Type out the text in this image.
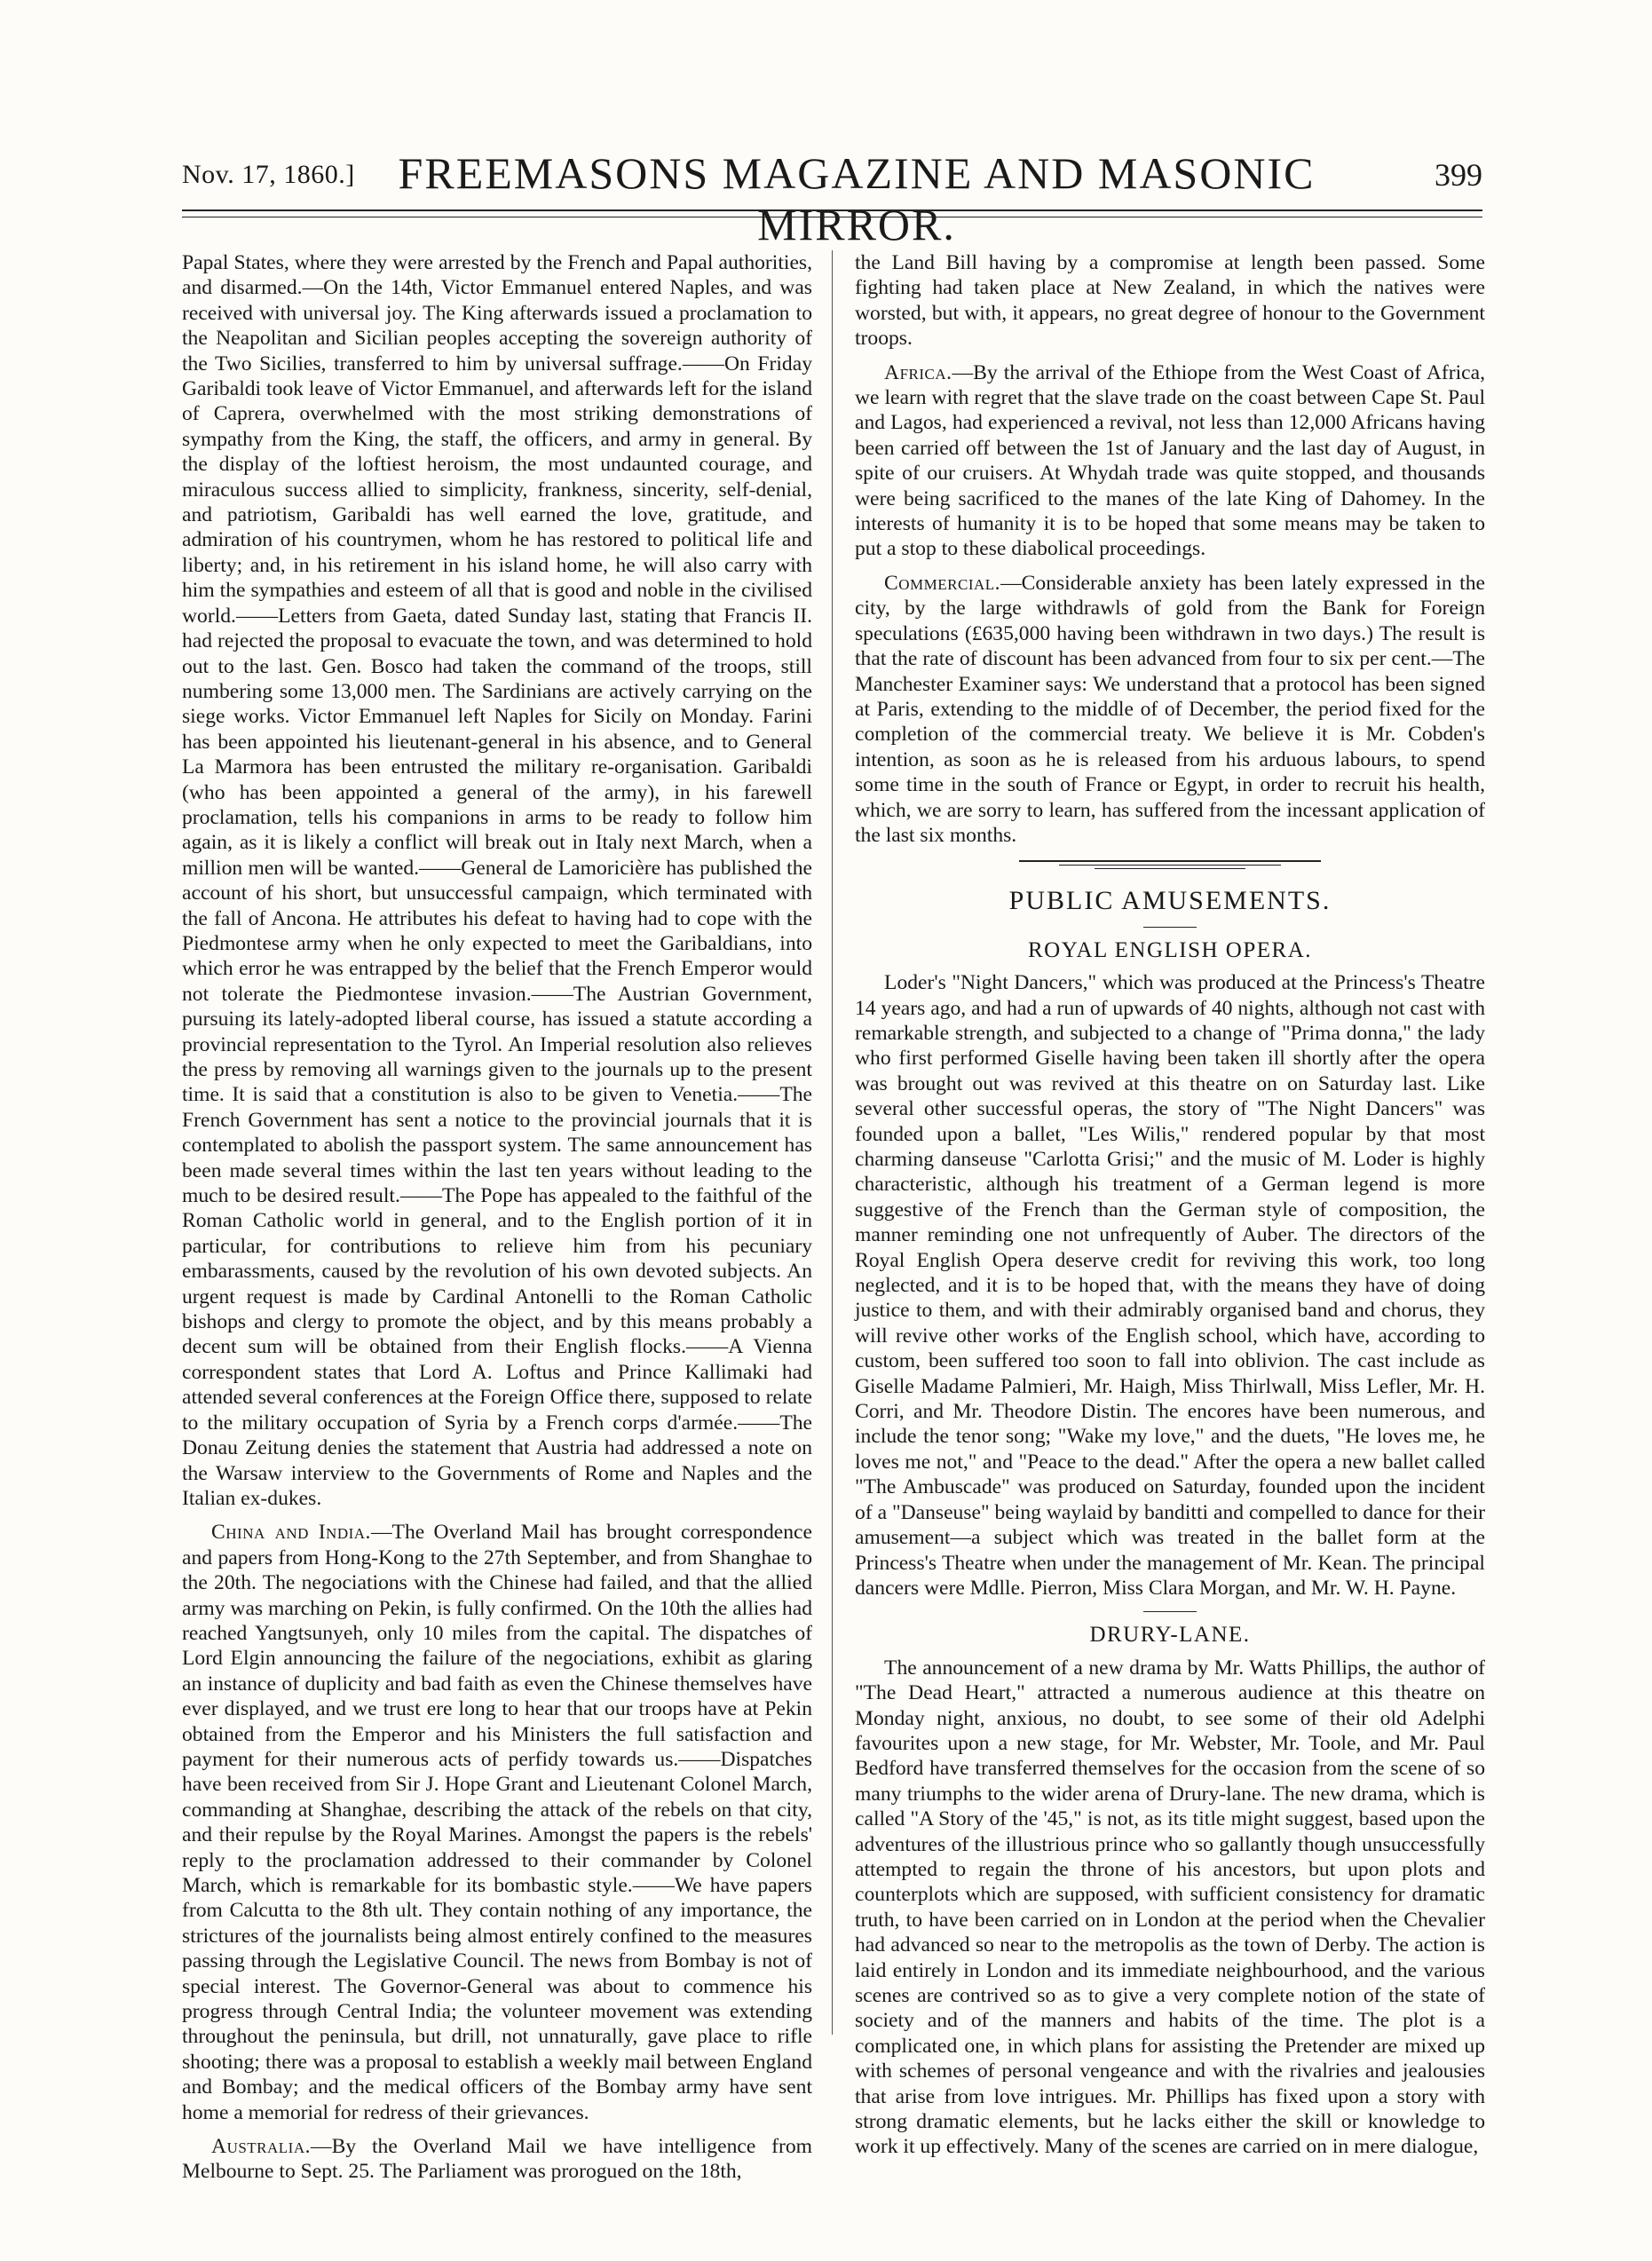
Nov. 17, 1860.] FREEMASONS MAGAZINE AND MASONIC MIRROR.
399

Papal States, where they were arrested by the French and Papal authorities, and disarmed.—On the 14th, Victor Emmanuel entered Naples, and was received with universal joy. The King afterwards issued a proclamation to the Neapolitan and Sicilian peoples accepting the sovereign authority of the Two Sicilies, transferred to him by universal suffrage.——On Friday Garibaldi took leave of Victor Emmanuel, and afterwards left for the island of Caprera, overwhelmed with the most striking demonstrations of sympathy from the King, the staff, the officers, and army in general. By the display of the loftiest heroism, the most undaunted courage, and miraculous success allied to simplicity, frankness, sincerity, self-denial, and patriotism, Garibaldi has well earned the love, gratitude, and admiration of his countrymen, whom he has restored to political life and liberty; and, in his retirement in his island home, he will also carry with him the sympathies and esteem of all that is good and noble in the civilised world.——Letters from Gaeta, dated Sunday last, stating that Francis II. had rejected the proposal to evacuate the town, and was determined to hold out to the last. Gen. Bosco had taken the command of the troops, still numbering some 13,000 men. The Sardinians are actively carrying on the siege works. Victor Emmanuel left Naples for Sicily on Monday. Farini has been appointed his lieutenant-general in his absence, and to General La Marmora has been entrusted the military re-organisation. Garibaldi (who has been appointed a general of the army), in his farewell proclamation, tells his companions in arms to be ready to follow him again, as it is likely a conflict will break out in Italy next March, when a million men will be wanted.——General de Lamoricière has published the account of his short, but unsuccessful campaign, which terminated with the fall of Ancona. He attributes his defeat to having had to cope with the Piedmontese army when he only expected to meet the Garibaldians, into which error he was entrapped by the belief that the French Emperor would not tolerate the Piedmontese invasion.——The Austrian Government, pursuing its lately-adopted liberal course, has issued a statute according a provincial representation to the Tyrol. An Imperial resolution also relieves the press by removing all warnings given to the journals up to the present time. It is said that a constitution is also to be given to Venetia.——The French Government has sent a notice to the provincial journals that it is contemplated to abolish the passport system. The same announcement has been made several times within the last ten years without leading to the much to be desired result.——The Pope has appealed to the faithful of the Roman Catholic world in general, and to the English portion of it in particular, for contributions to relieve him from his pecuniary embarassments, caused by the revolution of his own devoted subjects. An urgent request is made by Cardinal Antonelli to the Roman Catholic bishops and clergy to promote the object, and by this means probably a decent sum will be obtained from their English flocks.——A Vienna correspondent states that Lord A. Loftus and Prince Kallimaki had attended several conferences at the Foreign Office there, supposed to relate to the military occupation of Syria by a French corps d'armée.——The Donau Zeitung denies the statement that Austria had addressed a note on the Warsaw interview to the Governments of Rome and Naples and the Italian ex-dukes.

China and India.—The Overland Mail has brought correspondence and papers from Hong-Kong to the 27th September, and from Shanghae to the 20th. The negociations with the Chinese had failed, and that the allied army was marching on Pekin, is fully confirmed. On the 10th the allies had reached Yangtsunyeh, only 10 miles from the capital. The dispatches of Lord Elgin announcing the failure of the negociations, exhibit as glaring an instance of duplicity and bad faith as even the Chinese themselves have ever displayed, and we trust ere long to hear that our troops have at Pekin obtained from the Emperor and his Ministers the full satisfaction and payment for their numerous acts of perfidy towards us.——Dispatches have been received from Sir J. Hope Grant and Lieutenant Colonel March, commanding at Shanghae, describing the attack of the rebels on that city, and their repulse by the Royal Marines. Amongst the papers is the rebels' reply to the proclamation addressed to their commander by Colonel March, which is remarkable for its bombastic style.——We have papers from Calcutta to the 8th ult. They contain nothing of any importance, the strictures of the journalists being almost entirely confined to the measures passing through the Legislative Council. The news from Bombay is not of special interest. The Governor-General was about to commence his progress through Central India; the volunteer movement was extending throughout the peninsula, but drill, not unnaturally, gave place to rifle shooting; there was a proposal to establish a weekly mail between England and Bombay; and the medical officers of the Bombay army have sent home a memorial for redress of their grievances.

Australia.—By the Overland Mail we have intelligence from Melbourne to Sept. 25. The Parliament was prorogued on the 18th,

the Land Bill having by a compromise at length been passed. Some fighting had taken place at New Zealand, in which the natives were worsted, but with, it appears, no great degree of honour to the Government troops.

Africa.—By the arrival of the Ethiope from the West Coast of Africa, we learn with regret that the slave trade on the coast between Cape St. Paul and Lagos, had experienced a revival, not less than 12,000 Africans having been carried off between the 1st of January and the last day of August, in spite of our cruisers. At Whydah trade was quite stopped, and thousands were being sacrificed to the manes of the late King of Dahomey. In the interests of humanity it is to be hoped that some means may be taken to put a stop to these diabolical proceedings.

Commercial.—Considerable anxiety has been lately expressed in the city, by the large withdrawls of gold from the Bank for Foreign speculations (£635,000 having been withdrawn in two days.) The result is that the rate of discount has been advanced from four to six per cent.—The Manchester Examiner says: We understand that a protocol has been signed at Paris, extending to the middle of of December, the period fixed for the completion of the commercial treaty. We believe it is Mr. Cobden's intention, as soon as he is released from his arduous labours, to spend some time in the south of France or Egypt, in order to recruit his health, which, we are sorry to learn, has suffered from the incessant application of the last six months.

PUBLIC AMUSEMENTS.
ROYAL ENGLISH OPERA.

Loder's "Night Dancers," which was produced at the Princess's Theatre 14 years ago, and had a run of upwards of 40 nights, although not cast with remarkable strength, and subjected to a change of "Prima donna," the lady who first performed Giselle having been taken ill shortly after the opera was brought out was revived at this theatre on on Saturday last. Like several other successful operas, the story of "The Night Dancers" was founded upon a ballet, "Les Wilis," rendered popular by that most charming danseuse "Carlotta Grisi;" and the music of M. Loder is highly characteristic, although his treatment of a German legend is more suggestive of the French than the German style of composition, the manner reminding one not unfrequently of Auber. The directors of the Royal English Opera deserve credit for reviving this work, too long neglected, and it is to be hoped that, with the means they have of doing justice to them, and with their admirably organised band and chorus, they will revive other works of the English school, which have, according to custom, been suffered too soon to fall into oblivion. The cast include as Giselle Madame Palmieri, Mr. Haigh, Miss Thirlwall, Miss Lefler, Mr. H. Corri, and Mr. Theodore Distin. The encores have been numerous, and include the tenor song; "Wake my love," and the duets, "He loves me, he loves me not," and "Peace to the dead." After the opera a new ballet called "The Ambuscade" was produced on Saturday, founded upon the incident of a "Danseuse" being waylaid by banditti and compelled to dance for their amusement—a subject which was treated in the ballet form at the Princess's Theatre when under the management of Mr. Kean. The principal dancers were Mdlle. Pierron, Miss Clara Morgan, and Mr. W. H. Payne.

DRURY-LANE.

The announcement of a new drama by Mr. Watts Phillips, the author of "The Dead Heart," attracted a numerous audience at this theatre on Monday night, anxious, no doubt, to see some of their old Adelphi favourites upon a new stage, for Mr. Webster, Mr. Toole, and Mr. Paul Bedford have transferred themselves for the occasion from the scene of so many triumphs to the wider arena of Drury-lane. The new drama, which is called "A Story of the '45," is not, as its title might suggest, based upon the adventures of the illustrious prince who so gallantly though unsuccessfully attempted to regain the throne of his ancestors, but upon plots and counterplots which are supposed, with sufficient consistency for dramatic truth, to have been carried on in London at the period when the Chevalier had advanced so near to the metropolis as the town of Derby. The action is laid entirely in London and its immediate neighbourhood, and the various scenes are contrived so as to give a very complete notion of the state of society and of the manners and habits of the time. The plot is a complicated one, in which plans for assisting the Pretender are mixed up with schemes of personal vengeance and with the rivalries and jealousies that arise from love intrigues. Mr. Phillips has fixed upon a story with strong dramatic elements, but he lacks either the skill or knowledge to work it up effectively. Many of the scenes are carried on in mere dialogue,
